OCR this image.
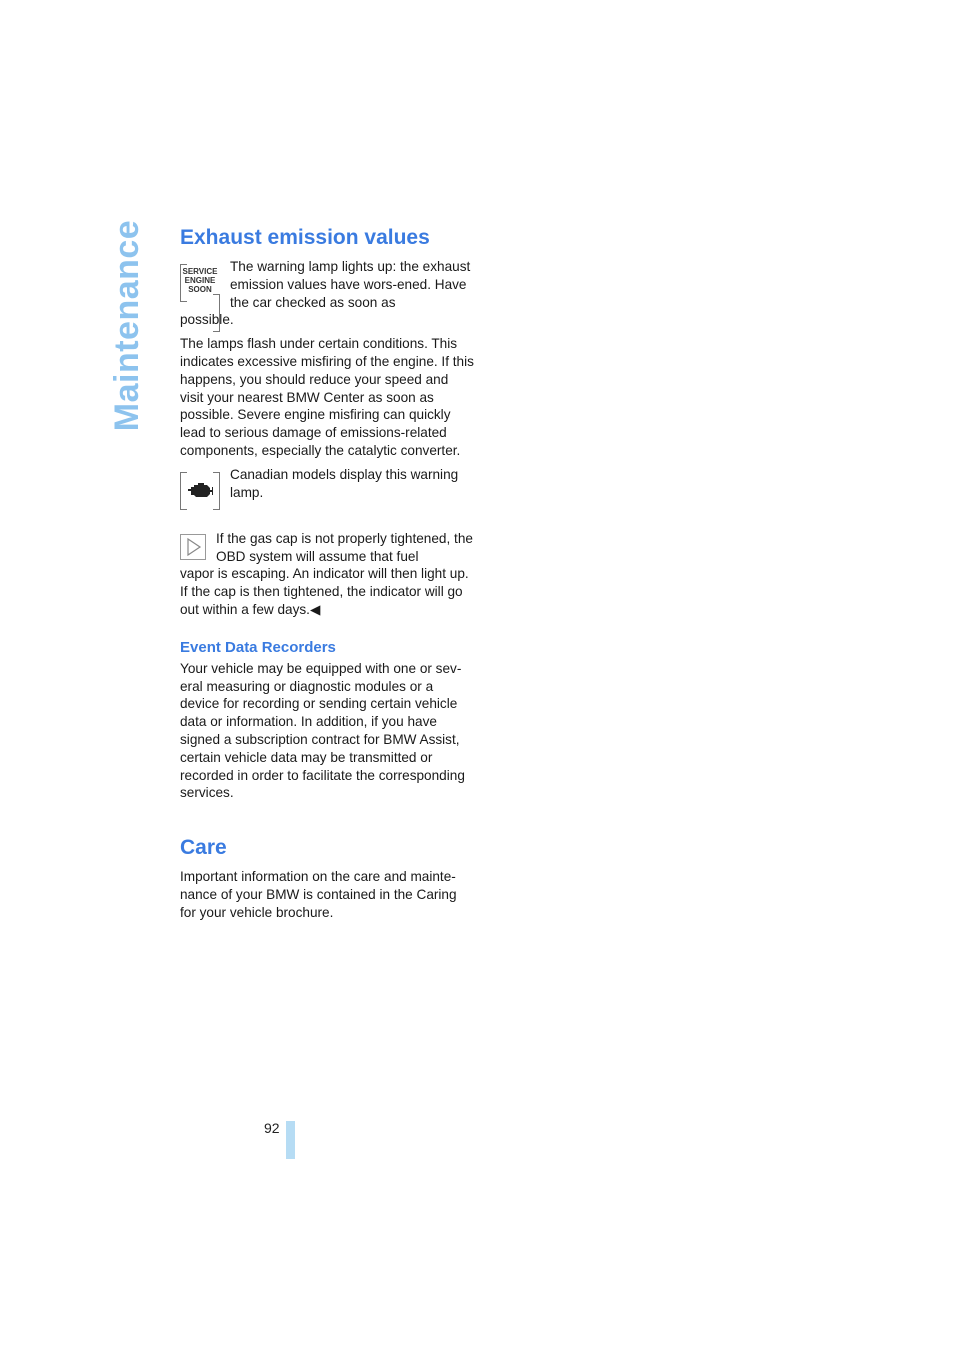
Maintenance Exhaust emission values
SERVICE ENGINE SOON

The warning lamp lights up: the exhaust emission values have wors-ened. Have the car checked as soon as

possible.

The lamps flash under certain conditions. This indicates excessive misfiring of the engine. If this happens, you should reduce your speed and visit your nearest BMW Center as soon as possible. Severe engine misfiring can quickly lead to serious damage of emissions-related components, especially the catalytic converter.

Canadian models display this warning lamp.

If the gas cap is not properly tightened, the OBD system will assume that fuel

vapor is escaping. An indicator will then light up. If the cap is then tightened, the indicator will go out within a few days.◀

Event Data Recorders

Your vehicle may be equipped with one or sev-eral measuring or diagnostic modules or a device for recording or sending certain vehicle data or information. In addition, if you have signed a subscription contract for BMW Assist, certain vehicle data may be transmitted or recorded in order to facilitate the corresponding services.

Care

Important information on the care and mainte-nance of your BMW is contained in the Caring for your vehicle brochure.

92
